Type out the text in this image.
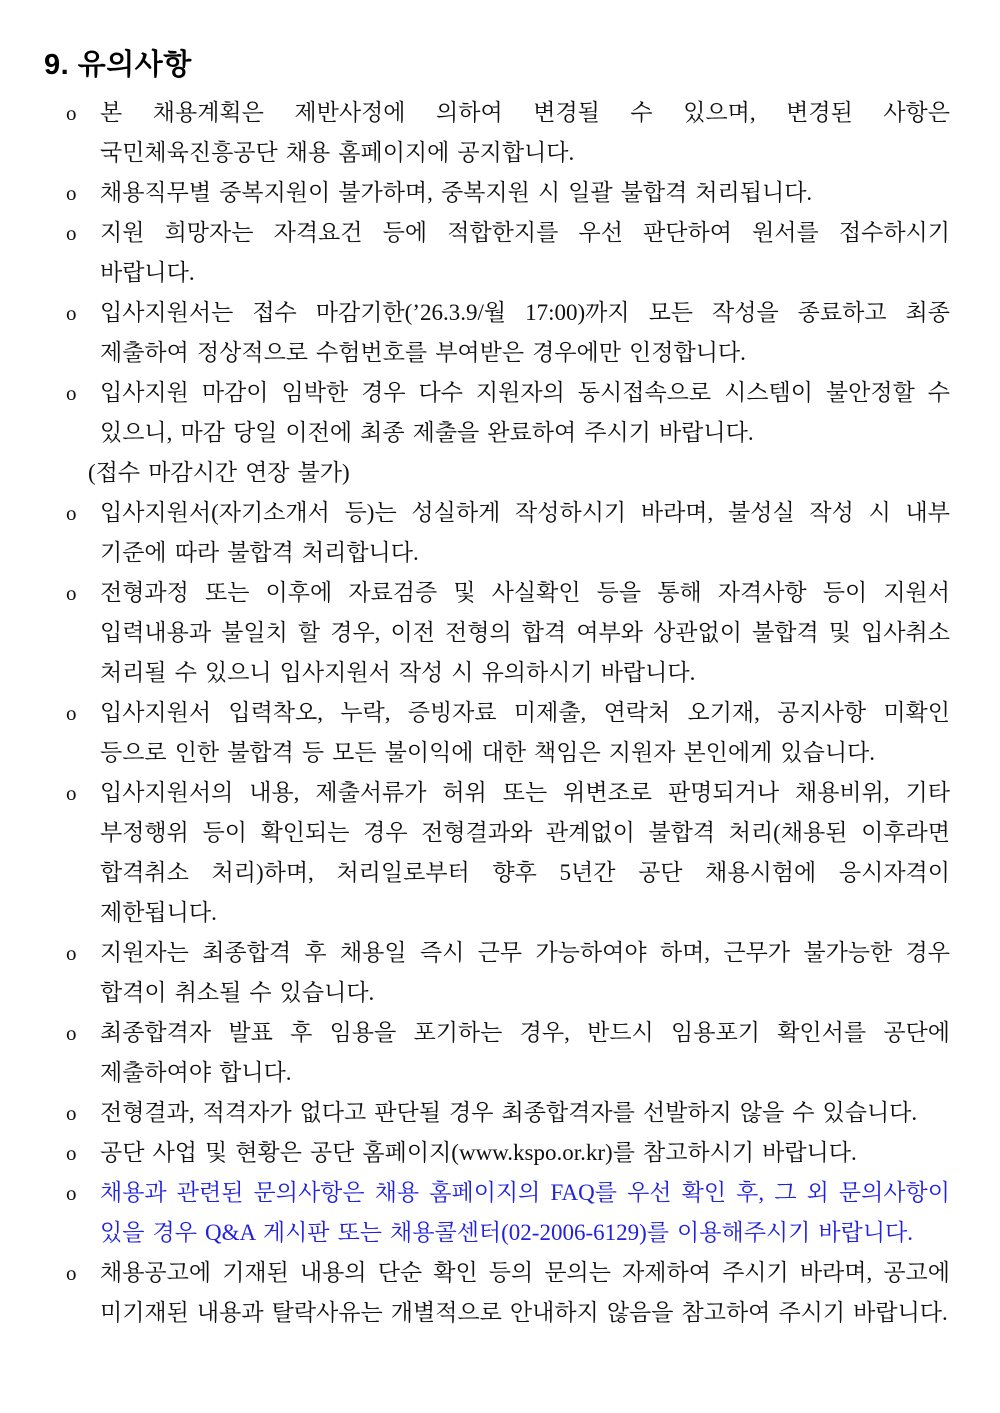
9. 유의사항
o	본 채용계획은 제반사정에 의하여 변경될 수 있으며, 변경된 사항은 국민체육진흥공단 채용 홈페이지에 공지합니다.
o	채용직무별 중복지원이 불가하며, 중복지원 시 일괄 불합격 처리됩니다.
o	지원 희망자는 자격요건 등에 적합한지를 우선 판단하여 원서를 접수하시기 바랍니다.
o	입사지원서는 접수 마감기한(’26.3.9/월 17:00)까지 모든 작성을 종료하고 최종 제출하여 정상적으로 수험번호를 부여받은 경우에만 인정합니다.
o	입사지원 마감이 임박한 경우 다수 지원자의 동시접속으로 시스템이 불안정할 수 있으니, 마감 당일 이전에 최종 제출을 완료하여 주시기 바랍니다.
(접수 마감시간 연장 불가)
o	입사지원서(자기소개서 등)는 성실하게 작성하시기 바라며, 불성실 작성 시 내부 기준에 따라 불합격 처리합니다.
o	전형과정 또는 이후에 자료검증 및 사실확인 등을 통해 자격사항 등이 지원서 입력내용과 불일치 할 경우, 이전 전형의 합격 여부와 상관없이 불합격 및 입사취소 처리될 수 있으니 입사지원서 작성 시 유의하시기 바랍니다.
o	입사지원서 입력착오, 누락, 증빙자료 미제출, 연락처 오기재, 공지사항 미확인 등으로 인한 불합격 등 모든 불이익에 대한 책임은 지원자 본인에게 있습니다.
o	입사지원서의 내용, 제출서류가 허위 또는 위변조로 판명되거나 채용비위, 기타 부정행위 등이 확인되는 경우 전형결과와 관계없이 불합격 처리(채용된 이후라면 합격취소 처리)하며, 처리일로부터 향후 5년간 공단 채용시험에 응시자격이 제한됩니다.
o	지원자는 최종합격 후 채용일 즉시 근무 가능하여야 하며, 근무가 불가능한 경우 합격이 취소될 수 있습니다.
o	최종합격자 발표 후 임용을 포기하는 경우, 반드시 임용포기 확인서를 공단에 제출하여야 합니다.
o	전형결과, 적격자가 없다고 판단될 경우 최종합격자를 선발하지 않을 수 있습니다.
o	공단 사업 및 현황은 공단 홈페이지(www.kspo.or.kr)를 참고하시기 바랍니다.
o	채용과 관련된 문의사항은 채용 홈페이지의 FAQ를 우선 확인 후, 그 외 문의사항이 있을 경우 Q&A 게시판 또는 채용콜센터(02-2006-6129)를 이용해주시기 바랍니다.
o	채용공고에 기재된 내용의 단순 확인 등의 문의는 자제하여 주시기 바라며, 공고에 미기재된 내용과 탈락사유는 개별적으로 안내하지 않음을 참고하여 주시기 바랍니다.
